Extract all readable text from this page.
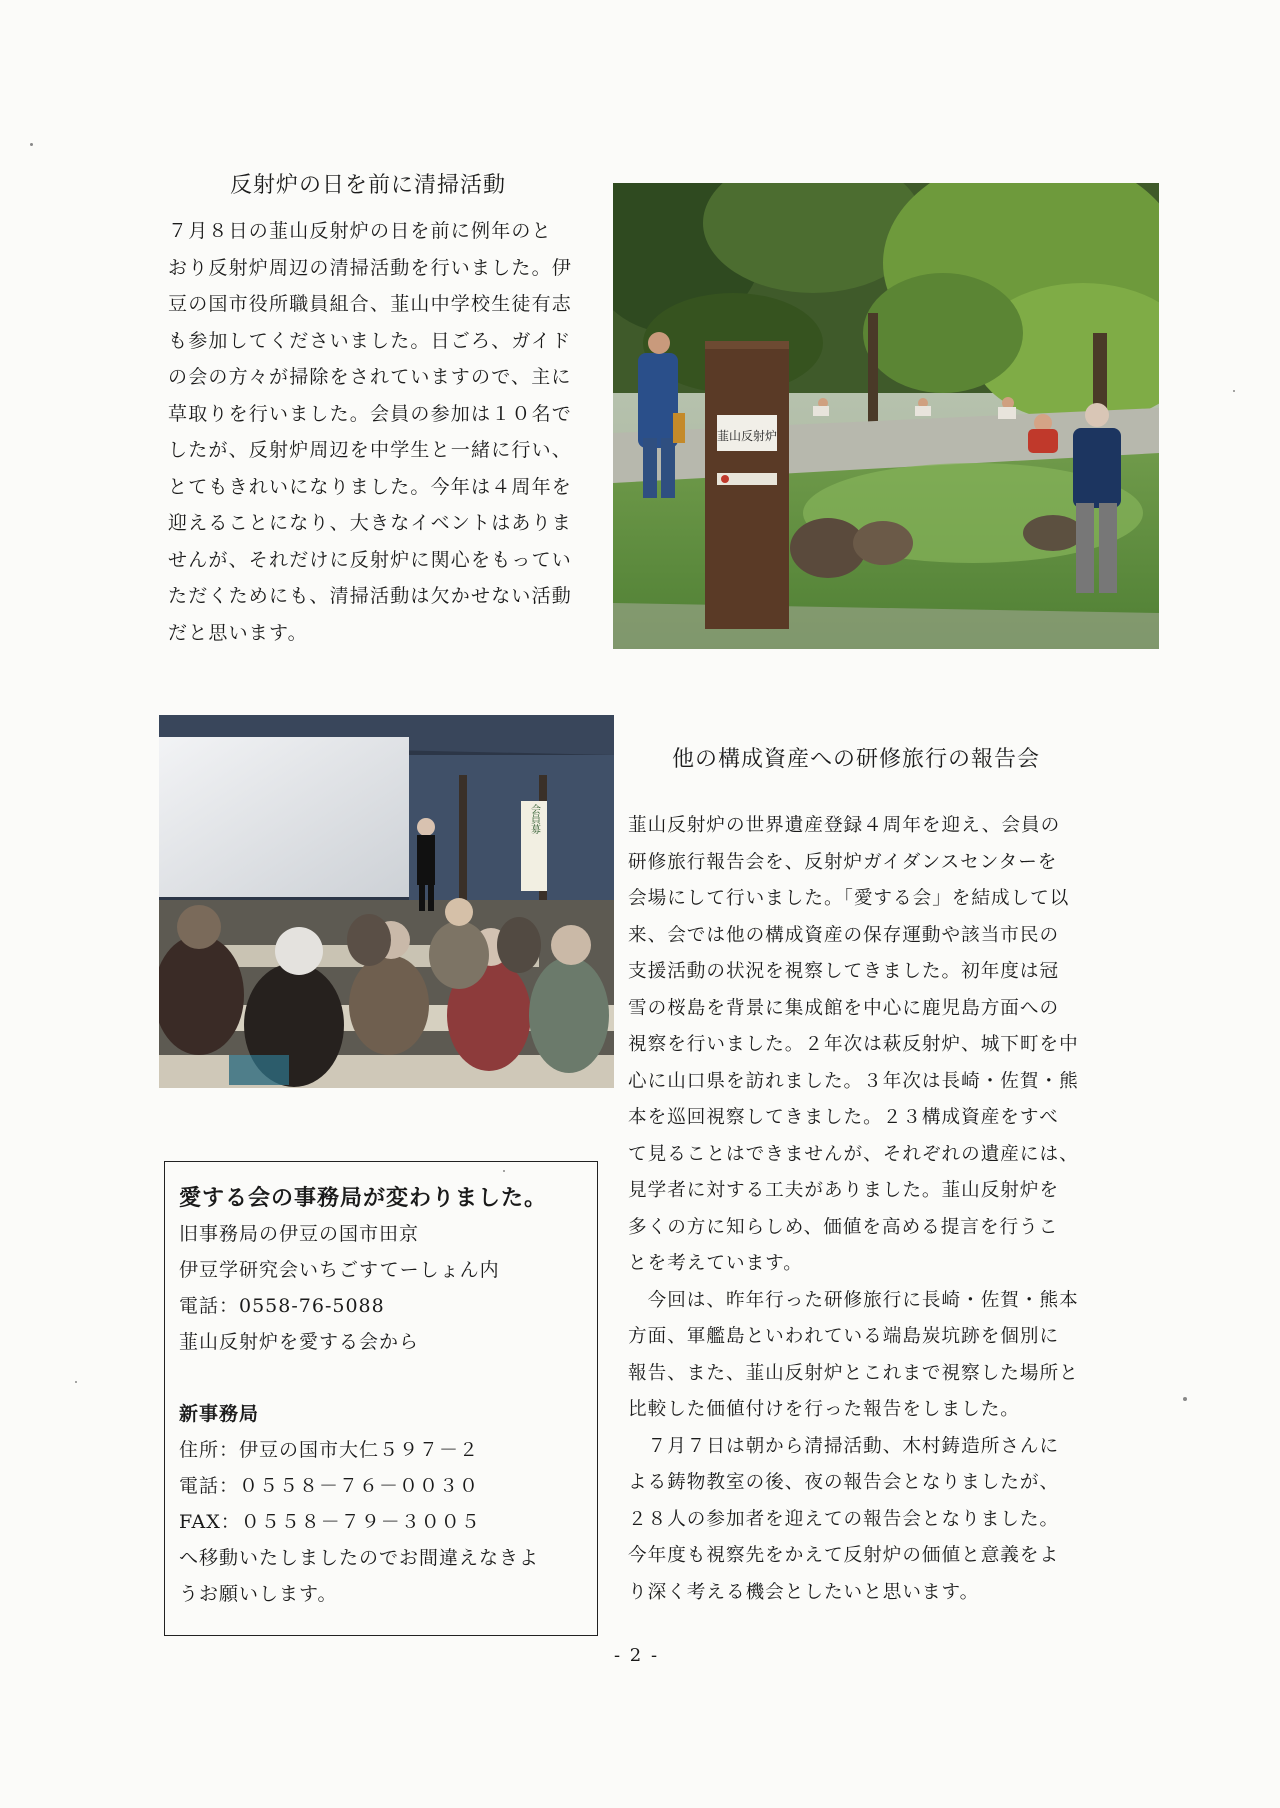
反射炉の日を前に清掃活動

７月８日の韮山反射炉の日を前に例年のと

おり反射炉周辺の清掃活動を行いました。伊

豆の国市役所職員組合、韮山中学校生徒有志

も参加してくださいました。日ごろ、ガイド

の会の方々が掃除をされていますので、主に

草取りを行いました。会員の参加は１０名で

したが、反射炉周辺を中学生と一緒に行い、

とてもきれいになりました。今年は４周年を

迎えることになり、大きなイベントはありま

せんが、それだけに反射炉に関心をもってい

ただくためにも、清掃活動は欠かせない活動

だと思います。

韮山反射炉
会員募
他の構成資産への研修旅行の報告会

韮山反射炉の世界遺産登録４周年を迎え、会員の

研修旅行報告会を、反射炉ガイダンスセンターを

会場にして行いました。「愛する会」を結成して以

来、会では他の構成資産の保存運動や該当市民の

支援活動の状況を視察してきました。初年度は冠

雪の桜島を背景に集成館を中心に鹿児島方面への

視察を行いました。２年次は萩反射炉、城下町を中

心に山口県を訪れました。３年次は長崎・佐賀・熊

本を巡回視察してきました。２３構成資産をすべ

て見ることはできませんが、それぞれの遺産には、

見学者に対する工夫がありました。韮山反射炉を

多くの方に知らしめ、価値を高める提言を行うこ

とを考えています。

　今回は、昨年行った研修旅行に長崎・佐賀・熊本

方面、軍艦島といわれている端島炭坑跡を個別に

報告、また、韮山反射炉とこれまで視察した場所と

比較した価値付けを行った報告をしました。

　７月７日は朝から清掃活動、木村鋳造所さんに

よる鋳物教室の後、夜の報告会となりましたが、

２８人の参加者を迎えての報告会となりました。

今年度も視察先をかえて反射炉の価値と意義をよ

り深く考える機会としたいと思います。

愛する会の事務局が変わりました。
旧事務局の伊豆の国市田京
伊豆学研究会いちごすてーしょん内
電話：0558-76-5088
韮山反射炉を愛する会から
新事務局
住所：伊豆の国市大仁５９７－２
電話：０５５８－７６－００３０
FAX：０５５８－７９－３００５
へ移動いたしましたのでお間違えなきよ
うお願いします。
- 2 -
